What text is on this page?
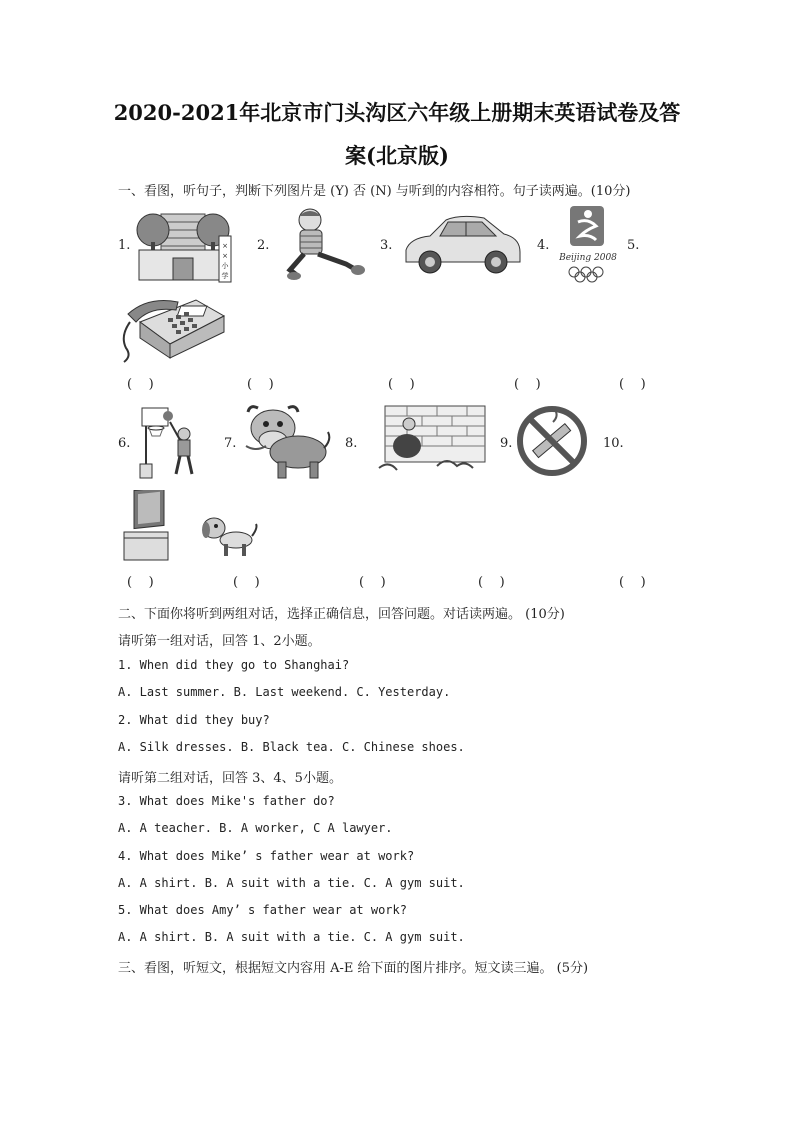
2020-2021年北京市门头沟区六年级上册期末英语试卷及答
案(北京版)
一、看图，听句子，判断下列图片是 (Y) 否 (N) 与听到的内容相符。句子读两遍。(10分)
1.	2.	3.	4.	5.
×
×
小
学
Beijing 2008
(    )	(    )	(    )	(    )	(    )
6.	7.	8.	9.	10.
(    )	(    )	(    )	(    )	(    )
二、下面你将听到两组对话，选择正确信息，回答问题。对话读两遍。 (10分)
请听第一组对话，回答 1、2小题。
1. When did they go to Shanghai?
A. Last summer. B. Last weekend. C. Yesterday.
2. What did they buy?
A. Silk dresses. B. Black tea. C. Chinese shoes.
请听第二组对话，回答 3、4、5小题。
3. What does Mike's father do?
A. A teacher. B. A worker, C A lawyer.
4. What does Mike’ s father wear at work?
A. A shirt. B. A suit with a tie. C. A gym suit.
5. What does Amy’ s father wear at work?
A. A shirt. B. A suit with a tie. C. A gym suit.
三、看图，听短文，根据短文内容用 A-E 给下面的图片排序。短文读三遍。 (5分)
